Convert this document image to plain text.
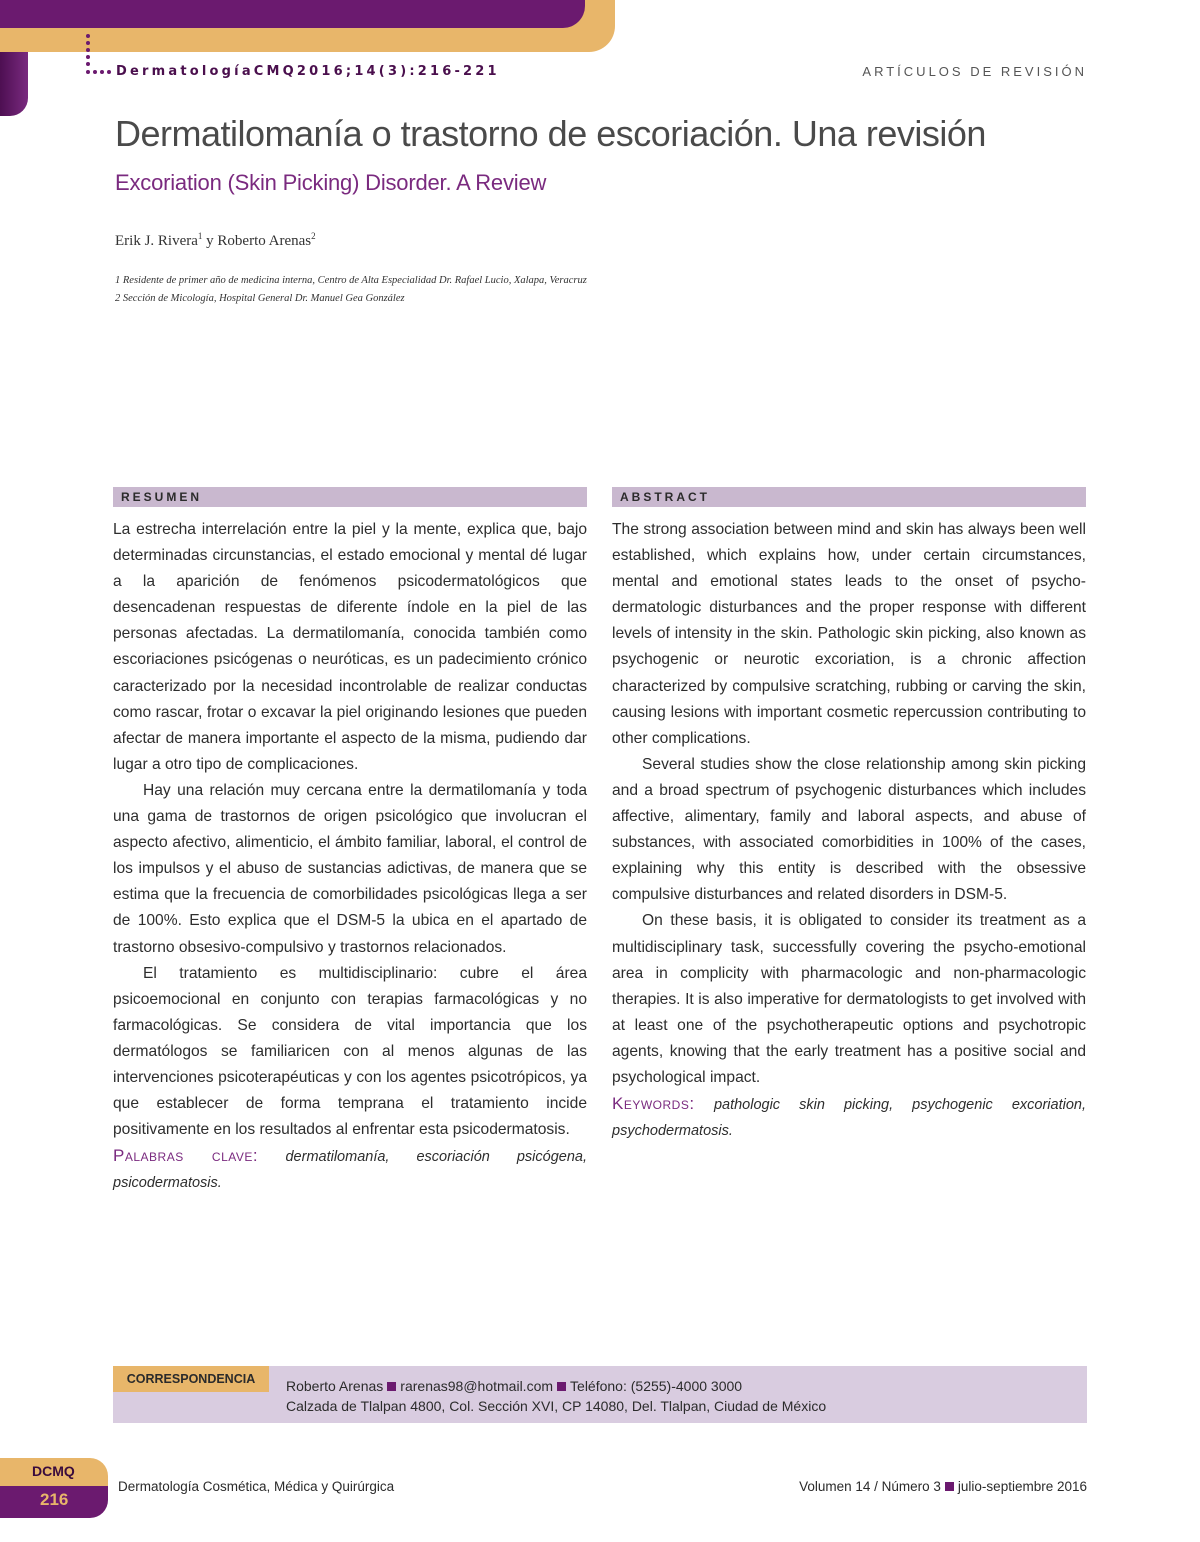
DermatologíaCMQ2016;14(3):216-221	ARTÍCULOS DE REVISIÓN
Dermatilomanía o trastorno de escoriación. Una revisión
Excoriation (Skin Picking) Disorder. A Review
Erik J. Rivera$^1$ y Roberto Arenas$^2$
1 Residente de primer año de medicina interna, Centro de Alta Especialidad Dr. Rafael Lucio, Xalapa, Veracruz
2 Sección de Micología, Hospital General Dr. Manuel Gea González
RESUMEN

La estrecha interrelación entre la piel y la mente, explica que, bajo determinadas circunstancias, el estado emocional y mental dé lugar a la aparición de fenómenos psicodermatológicos que desencadenan respuestas de diferente índole en la piel de las personas afectadas. La dermatilomanía, conocida también como escoriaciones psicógenas o neuróticas, es un padecimiento crónico caracterizado por la necesidad incontrolable de realizar conductas como rascar, frotar o excavar la piel originando lesiones que pueden afectar de manera importante el aspecto de la misma, pudiendo dar lugar a otro tipo de complicaciones.

Hay una relación muy cercana entre la dermatilomanía y toda una gama de trastornos de origen psicológico que involucran el aspecto afectivo, alimenticio, el ámbito familiar, laboral, el control de los impulsos y el abuso de sustancias adictivas, de manera que se estima que la frecuencia de comorbilidades psicológicas llega a ser de 100%. Esto explica que el DSM-5 la ubica en el apartado de trastorno obsesivo-compulsivo y trastornos relacionados.

El tratamiento es multidisciplinario: cubre el área psicoemocional en conjunto con terapias farmacológicas y no farmacológicas. Se considera de vital importancia que los dermatólogos se familiaricen con al menos algunas de las intervenciones psicoterapéuticas y con los agentes psicotrópicos, ya que establecer de forma temprana el tratamiento incide positivamente en los resultados al enfrentar esta psicodermatosis.

Palabras clave: dermatilomanía, escoriación psicógena, psicodermatosis.

ABSTRACT

The strong association between mind and skin has always been well established, which explains how, under certain circumstances, mental and emotional states leads to the onset of psycho-dermatologic disturbances and the proper response with different levels of intensity in the skin. Pathologic skin picking, also known as psychogenic or neurotic excoriation, is a chronic affection characterized by compulsive scratching, rubbing or carving the skin, causing lesions with important cosmetic repercussion contributing to other complications.

Several studies show the close relationship among skin picking and a broad spectrum of psychogenic disturbances which includes affective, alimentary, family and laboral aspects, and abuse of substances, with associated comorbidities in 100% of the cases, explaining why this entity is described with the obsessive compulsive disturbances and related disorders in DSM-5.

On these basis, it is obligated to consider its treatment as a multidisciplinary task, successfully covering the psycho-emotional area in complicity with pharmacologic and non-pharmacologic therapies. It is also imperative for dermatologists to get involved with at least one of the psychotherapeutic options and psychotropic agents, knowing that the early treatment has a positive social and psychological impact.

Keywords: pathologic skin picking, psychogenic excoriation, psychodermatosis.

CORRESPONDENCIA	Roberto Arenas rarenas98@hotmail.com Teléfono: (5255)-4000 3000
Calzada de Tlalpan 4800, Col. Sección XVI, CP 14080, Del. Tlalpan, Ciudad de México
DCMQ
216
Dermatología Cosmética, Médica y Quirúrgica	Volumen 14 / Número 3 julio-septiembre 2016
